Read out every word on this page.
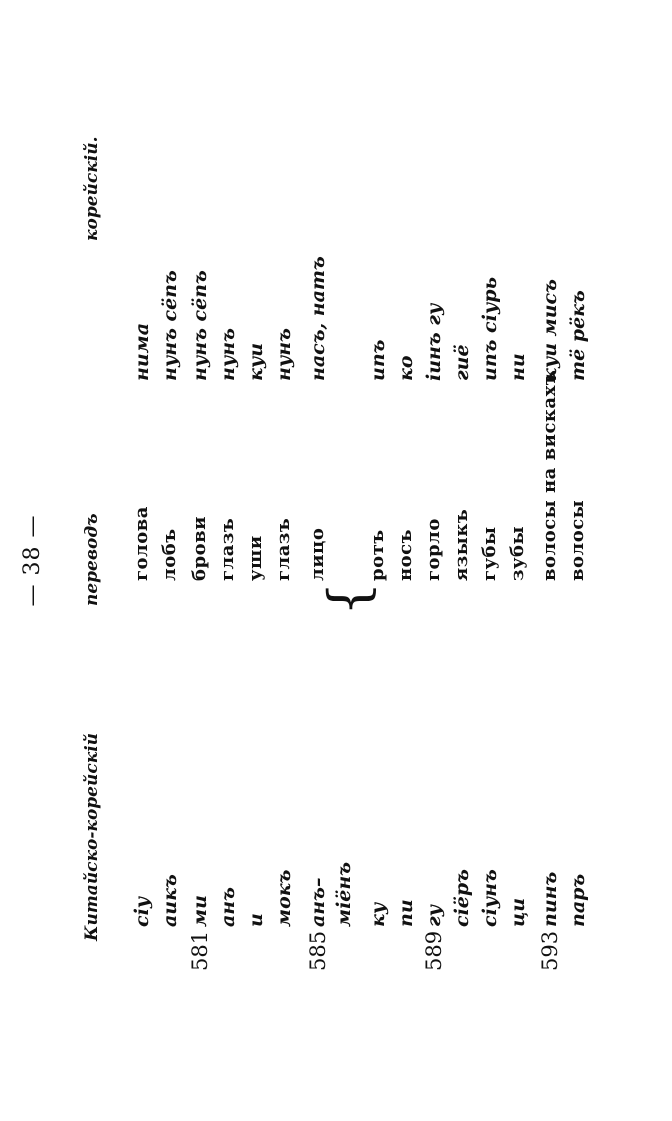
— 38 —
Китайско-корейскій
переводъ
корейскій.
{
сіу
голова
нима
аикъ
лобъ
нунъ сёпъ
581
ми
брови
нунъ сёпъ
анъ
глазъ
нунъ
и
уши
куи
мокъ
глазъ
нунъ
585
анъ–
лицо
насъ, натъ
міёнъ ку
ротъ
ипъ
пи
носъ
ко
589
гу
горло
іинъ гу
сіёръ
языкъ
гиё
сіунъ
губы
ипъ сіурь
ци
зубы
ни
593
пинъ
волосы на вискахъ
куи мисъ
паръ
волосы
тё рёкъ
